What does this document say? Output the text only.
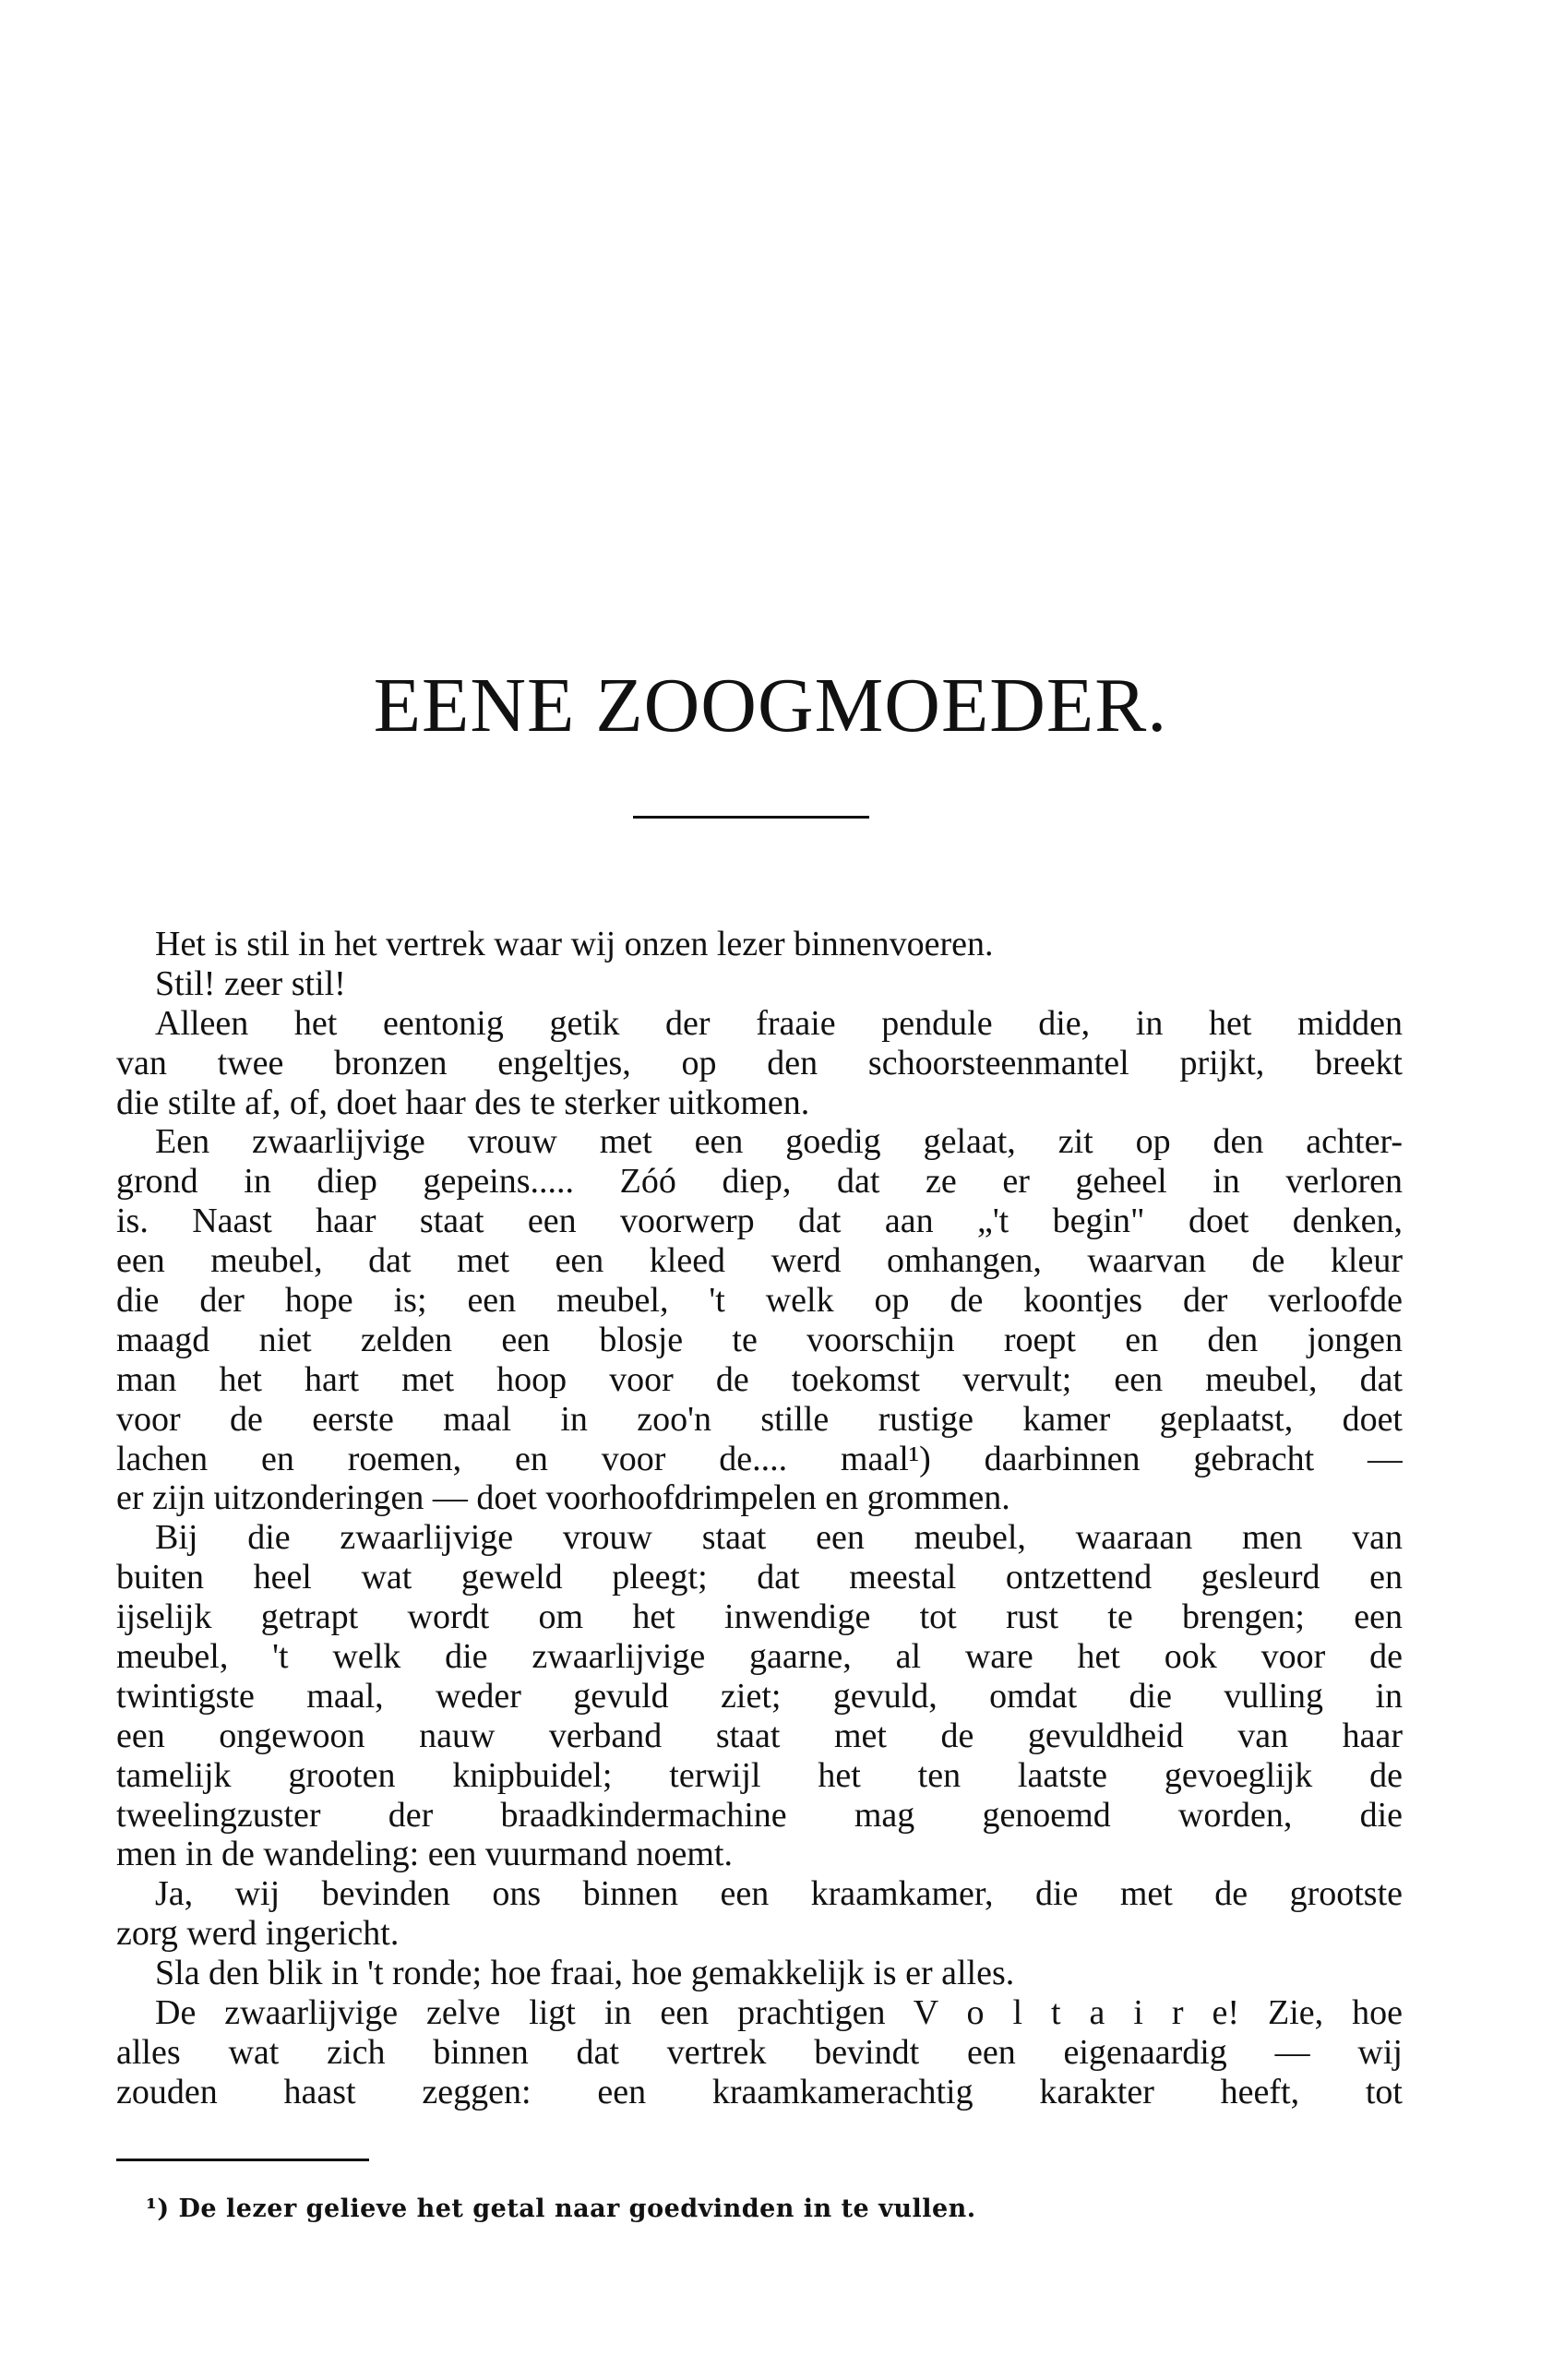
EENE ZOOGMOEDER.
Het is stil in het vertrek waar wij onzen lezer binnenvoeren.
Stil! zeer stil!
Alleen het eentonig getik der fraaie pendule die, in het midden
van twee bronzen engeltjes, op den schoorsteenmantel prijkt, breekt
die stilte af, of, doet haar des te sterker uitkomen.
Een zwaarlijvige vrouw met een goedig gelaat, zit op den achter-
grond in diep gepeins..... Zóó diep, dat ze er geheel in verloren
is. Naast haar staat een voorwerp dat aan „'t begin" doet denken,
een meubel, dat met een kleed werd omhangen, waarvan de kleur
die der hope is; een meubel, 't welk op de koontjes der verloofde
maagd niet zelden een blosje te voorschijn roept en den jongen
man het hart met hoop voor de toekomst vervult; een meubel, dat
voor de eerste maal in zoo'n stille rustige kamer geplaatst, doet
lachen en roemen, en voor de.... maal¹) daarbinnen gebracht —
er zijn uitzonderingen — doet voorhoofdrimpelen en grommen.
Bij die zwaarlijvige vrouw staat een meubel, waaraan men van
buiten heel wat geweld pleegt; dat meestal ontzettend gesleurd en
ijselijk getrapt wordt om het inwendige tot rust te brengen; een
meubel, 't welk die zwaarlijvige gaarne, al ware het ook voor de
twintigste maal, weder gevuld ziet; gevuld, omdat die vulling in
een ongewoon nauw verband staat met de gevuldheid van haar
tamelijk grooten knipbuidel; terwijl het ten laatste gevoeglijk de
tweelingzuster der braadkindermachine mag genoemd worden, die
men in de wandeling: een vuurmand noemt.
Ja, wij bevinden ons binnen een kraamkamer, die met de grootste
zorg werd ingericht.
Sla den blik in 't ronde; hoe fraai, hoe gemakkelijk is er alles.
De zwaarlijvige zelve ligt in een prachtigen V o l t a i r e! Zie, hoe
alles wat zich binnen dat vertrek bevindt een eigenaardig — wij
zouden haast zeggen: een kraamkamerachtig karakter heeft, tot
¹) De lezer gelieve het getal naar goedvinden in te vullen.
